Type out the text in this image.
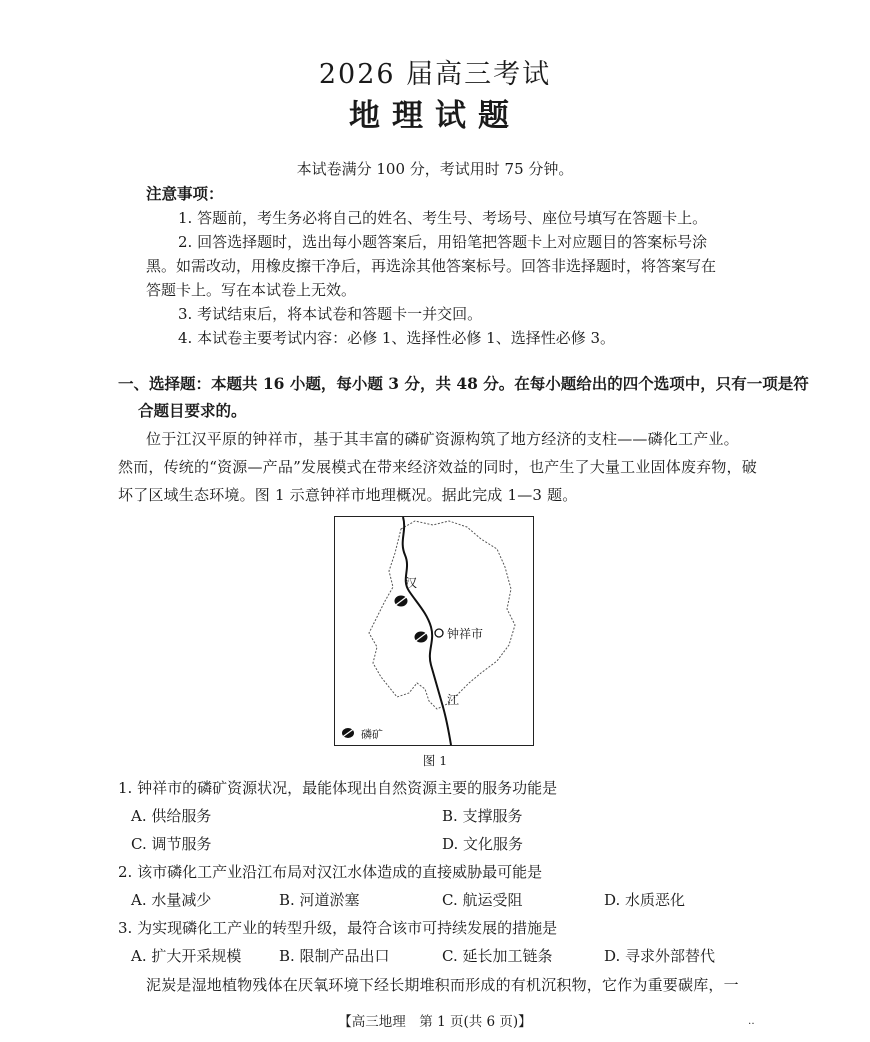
2026 届高三考试
地理试题
本试卷满分 100 分，考试用时 75 分钟。
注意事项：
1. 答题前，考生务必将自己的姓名、考生号、考场号、座位号填写在答题卡上。
2. 回答选择题时，选出每小题答案后，用铅笔把答题卡上对应题目的答案标号涂
黑。如需改动，用橡皮擦干净后，再选涂其他答案标号。回答非选择题时，将答案写在
答题卡上。写在本试卷上无效。
3. 考试结束后，将本试卷和答题卡一并交回。
4. 本试卷主要考试内容：必修 1、选择性必修 1、选择性必修 3。
一、选择题：本题共 16 小题，每小题 3 分，共 48 分。在每小题给出的四个选项中，只有一项是符
合题目要求的。
位于江汉平原的钟祥市，基于其丰富的磷矿资源构筑了地方经济的支柱——磷化工产业。
然而，传统的“资源—产品”发展模式在带来经济效益的同时，也产生了大量工业固体废弃物，破
坏了区域生态环境。图 1 示意钟祥市地理概况。据此完成 1—3 题。
汉
钟祥市
江
磷矿
图 1
1. 钟祥市的磷矿资源状况，最能体现出自然资源主要的服务功能是
A. 供给服务	B. 支撑服务
C. 调节服务	D. 文化服务
2. 该市磷化工产业沿江布局对汉江水体造成的直接威胁最可能是
A. 水量减少	B. 河道淤塞	C. 航运受阻	D. 水质恶化
3. 为实现磷化工产业的转型升级，最符合该市可持续发展的措施是
A. 扩大开采规模	B. 限制产品出口	C. 延长加工链条	D. 寻求外部替代
泥炭是湿地植物残体在厌氧环境下经长期堆积而形成的有机沉积物，它作为重要碳库，一
【高三地理　第 1 页(共 6 页)】	‥
